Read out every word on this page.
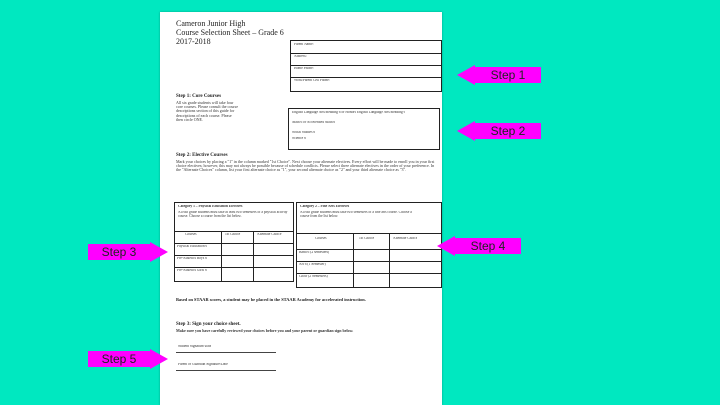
Cameron Junior High
Course Selection Sheet – Grade 6
2017-2018	Parent Name:
Address:
Home Phone:
Work/Parent Cell Phone:
Step 1: Core Courses
All six grade students will take four core courses. Please consult the course descriptions section of this guide for descriptions of each course. Please then circle ONE.
English Language Arts/Reading 6 or Honors English Language Arts/Reading 6
Math 6 or Accelerated Math 6
Social Studies 6
Science 6
Step 2: Elective Courses
Mark your choices by placing a "1" in the column marked "1st Choice". Next choose your alternate electives. Every effort will be made to enroll you in your first choice electives; however, this may not always be possible because of schedule conflicts. Please select three alternate electives in the order of your preference. In the "Alternate Choices" column, list your first alternate choice as "1", your second alternate choice as "2" and your third alternate choice as "3".
Category 1 – Physical Education Electives
All 6th grade students must take at least two semesters of a physical activity course. Choose a course from the list below.
Courses	1st Choice	Alternate Choice
Physical Education 6
Pre-Athletics Boys 6
Pre-Athletics Girls 6
Category 2 – Fine Arts Electives
All 6th grade students must take two semesters of a fine arts course. Choose a course from the list below.
Courses	1st Choice	Alternate Choice
Band 6 (2 semesters)
Art 6 (1 Semester)
Choir (2 Semesters)
Based on STAAR scores, a student may be placed in the STAAR Academy for accelerated instruction.
Step 3: Sign your choice sheet.
Make sure you have carefully reviewed your choices before you and your parent or guardian sign below.
Student Signature/Date
Parent or Guardian Signature/Date
Step 1
Step 2
Step 4
Step 3
Step 5
